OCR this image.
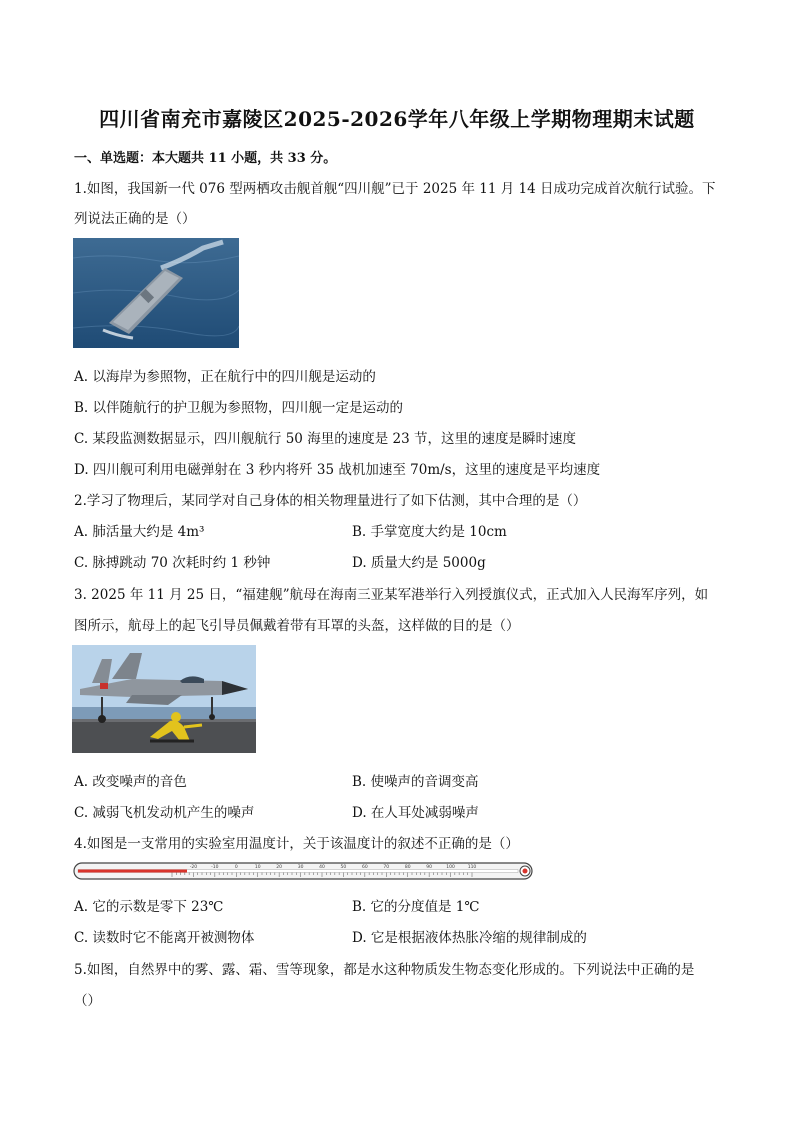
四川省南充市嘉陵区2025-2026学年八年级上学期物理期末试题
一、单选题：本大题共 11 小题，共 33 分。
1.如图，我国新一代 076 型两栖攻击舰首舰“四川舰”已于 2025 年 11 月 14 日成功完成首次航行试验。下
列说法正确的是（）
A. 以海岸为参照物，正在航行中的四川舰是运动的
B. 以伴随航行的护卫舰为参照物，四川舰一定是运动的
C. 某段监测数据显示，四川舰航行 50 海里的速度是 23 节，这里的速度是瞬时速度
D. 四川舰可利用电磁弹射在 3 秒内将歼 35 战机加速至 70m/s，这里的速度是平均速度
2.学习了物理后，某同学对自己身体的相关物理量进行了如下估测，其中合理的是（）
A. 肺活量大约是 4m³	B. 手掌宽度大约是 10cm
C. 脉搏跳动 70 次耗时约 1 秒钟	D. 质量大约是 5000g
3. 2025 年 11 月 25 日，“福建舰”航母在海南三亚某军港举行入列授旗仪式，正式加入人民海军序列，如
图所示，航母上的起飞引导员佩戴着带有耳罩的头盔，这样做的目的是（）
A. 改变噪声的音色	B. 使噪声的音调变高
C. 减弱飞机发动机产生的噪声	D. 在人耳处减弱噪声
4.如图是一支常用的实验室用温度计，关于该温度计的叙述不正确的是（）
-20	-10	0	10	20	30	40	50	60	70	80	90	100	110
A. 它的示数是零下 23℃	B. 它的分度值是 1℃
C. 读数时它不能离开被测物体	D. 它是根据液体热胀冷缩的规律制成的
5.如图，自然界中的雾、露、霜、雪等现象，都是水这种物质发生物态变化形成的。下列说法中正确的是
（）
